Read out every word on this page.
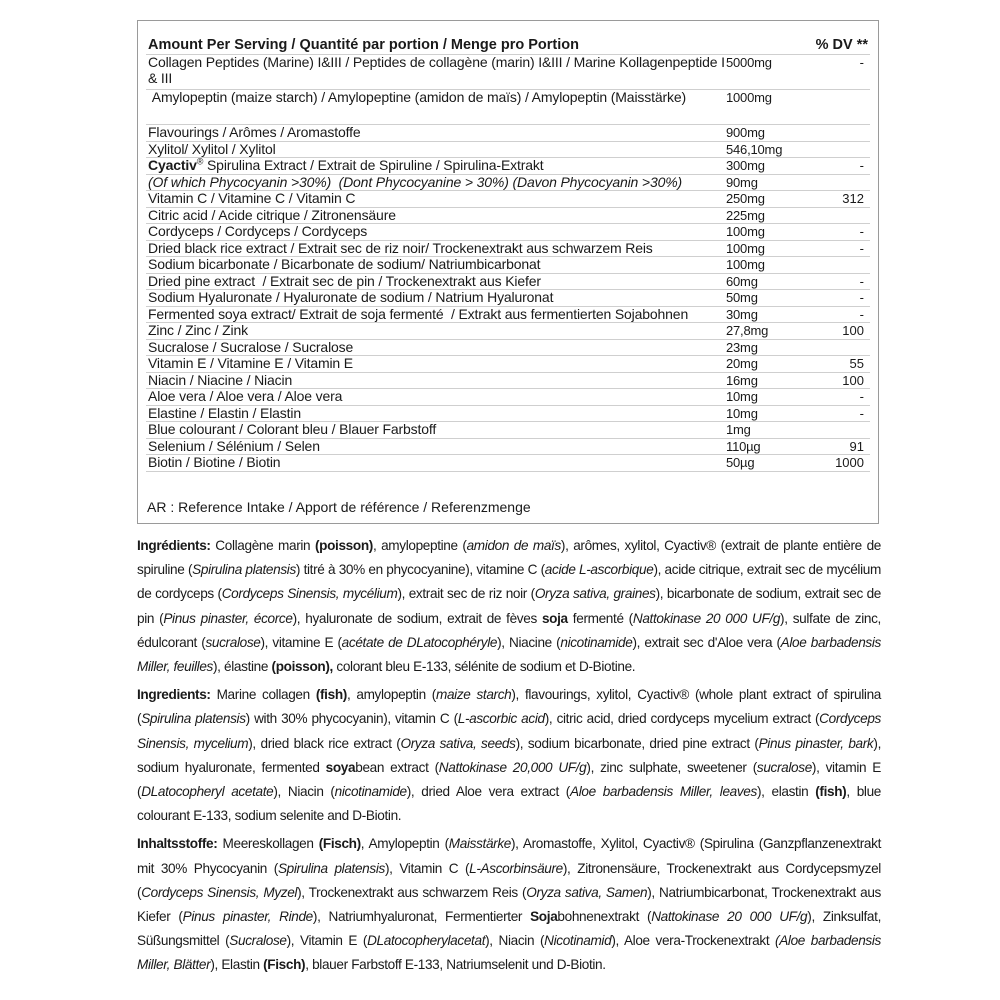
Amount Per Serving / Quantité par portion / Menge pro Portion		% DV **
Collagen Peptides (Marine) I&III / Peptides de collagène (marin) I&III / Marine Kollagenpeptide I & III	5000mg	-
Amylopeptin (maize starch) / Amylopeptine (amidon de maïs) / Amylopeptin (Maisstärke)	1000mg	
Flavourings / Arômes / Aromastoffe	900mg	
Xylitol/ Xylitol / Xylitol	546,10mg	
Cyactiv® Spirulina Extract / Extrait de Spiruline / Spirulina-Extrakt	300mg	-
(Of which Phycocyanin >30%)  (Dont Phycocyanine > 30%) (Davon Phycocyanin >30%)	90mg	
Vitamin C / Vitamine C / Vitamin C	250mg	312
Citric acid / Acide citrique / Zitronensäure	225mg	
Cordyceps / Cordyceps / Cordyceps	100mg	-
Dried black rice extract / Extrait sec de riz noir/ Trockenextrakt aus schwarzem Reis	100mg	-
Sodium bicarbonate / Bicarbonate de sodium/ Natriumbicarbonat	100mg	
Dried pine extract  / Extrait sec de pin / Trockenextrakt aus Kiefer	60mg	-
Sodium Hyaluronate / Hyaluronate de sodium / Natrium Hyaluronat	50mg	-
Fermented soya extract/ Extrait de soja fermenté  / Extrakt aus fermentierten Sojabohnen	30mg	-
Zinc / Zinc / Zink	27,8mg	100
Sucralose / Sucralose / Sucralose	23mg	
Vitamin E / Vitamine E / Vitamin E	20mg	55
Niacin / Niacine / Niacin	16mg	100
Aloe vera / Aloe vera / Aloe vera	10mg	-
Elastine / Elastin / Elastin	10mg	-
Blue colourant / Colorant bleu / Blauer Farbstoff	1mg	
Selenium / Sélénium / Selen	110µg	91
Biotin / Biotine / Biotin	50µg	1000
AR : Reference Intake / Apport de référence / Referenzmenge

Ingrédients: Collagène marin (poisson), amylopeptine (amidon de maïs), arômes, xylitol, Cyactiv® (extrait de plante entière de spiruline (Spirulina platensis) titré à 30% en phycocyanine), vitamine C (acide L-ascorbique), acide citrique, extrait sec de mycélium de cordyceps (Cordyceps Sinensis, mycélium), extrait sec de riz noir (Oryza sativa, graines), bicarbonate de sodium, extrait sec de pin (Pinus pinaster, écorce), hyaluronate de sodium, extrait de fèves soja fermenté (Nattokinase 20 000 UF/g), sulfate de zinc, édulcorant (sucralose), vitamine E (acétate de DLatocophéryle), Niacine (nicotinamide), extrait sec d'Aloe vera (Aloe barbadensis Miller, feuilles), élastine (poisson), colorant bleu E-133, sélénite de sodium et D-Biotine.

Ingredients: Marine collagen (fish), amylopeptin (maize starch), flavourings, xylitol, Cyactiv® (whole plant extract of spirulina (Spirulina platensis) with 30% phycocyanin), vitamin C (L-ascorbic acid), citric acid, dried cordyceps mycelium extract (Cordyceps Sinensis, mycelium), dried black rice extract (Oryza sativa, seeds), sodium bicarbonate, dried pine extract (Pinus pinaster, bark), sodium hyaluronate, fermented soyabean extract (Nattokinase 20,000 UF/g), zinc sulphate, sweetener (sucralose), vitamin E (DLatocopheryl acetate), Niacin (nicotinamide), dried Aloe vera extract (Aloe barbadensis Miller, leaves), elastin (fish), blue colourant E-133, sodium selenite and D-Biotin.

Inhaltsstoffe: Meereskollagen (Fisch), Amylopeptin (Maisstärke), Aromastoffe, Xylitol, Cyactiv® (Spirulina (Ganzpflanzenextrakt mit 30% Phycocyanin (Spirulina platensis), Vitamin C (L-Ascorbinsäure), Zitronensäure, Trockenextrakt aus Cordycepsmyzel (Cordyceps Sinensis, Myzel), Trockenextrakt aus schwarzem Reis (Oryza sativa, Samen), Natriumbicarbonat, Trockenextrakt aus Kiefer (Pinus pinaster, Rinde), Natriumhyaluronat, Fermentierter Sojabohnenextrakt (Nattokinase 20 000 UF/g), Zinksulfat, Süßungsmittel (Sucralose), Vitamin E (DLatocopherylacetat), Niacin (Nicotinamid), Aloe vera-Trockenextrakt (Aloe barbadensis Miller, Blätter), Elastin (Fisch), blauer Farbstoff E-133, Natriumselenit und D-Biotin.
